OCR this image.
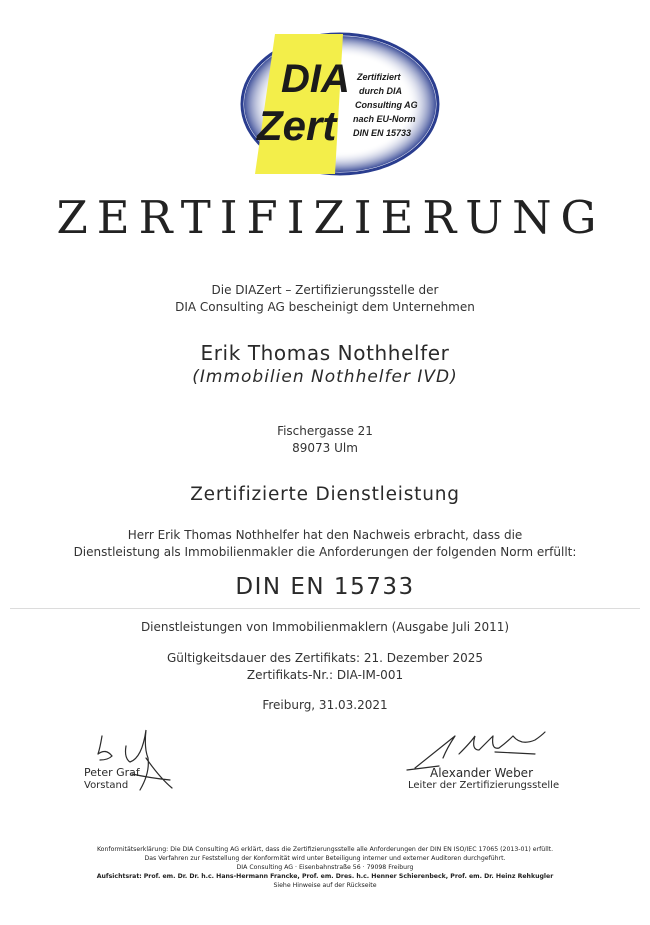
DIA
Zert
Zertifiziert
durch DIA
Consulting AG
nach EU-Norm
DIN EN 15733
ZERTIFIZIERUNG
Die DIAZert – Zertifizierungsstelle der
DIA Consulting AG bescheinigt dem Unternehmen
Erik Thomas Nothhelfer
(Immobilien Nothhelfer IVD)
Fischergasse 21
89073 Ulm
Zertifizierte Dienstleistung
Herr Erik Thomas Nothhelfer hat den Nachweis erbracht, dass die
Dienstleistung als Immobilienmakler die Anforderungen der folgenden Norm erfüllt:
DIN EN 15733
Dienstleistungen von Immobilienmaklern (Ausgabe Juli 2011)
Gültigkeitsdauer des Zertifikats: 21. Dezember 2025
Zertifikats-Nr.: DIA-IM-001
Freiburg, 31.03.2021
Peter Graf
Vorstand
Alexander Weber
Leiter der Zertifizierungsstelle
Konformitätserklärung: Die DIA Consulting AG erklärt, dass die Zertifizierungsstelle alle Anforderungen der DIN EN ISO/IEC 17065 (2013-01) erfüllt.
Das Verfahren zur Feststellung der Konformität wird unter Beteiligung interner und externer Auditoren durchgeführt.
DIA Consulting AG · Eisenbahnstraße 56 · 79098 Freiburg
Aufsichtsrat: Prof. em. Dr. Dr. h.c. Hans-Hermann Francke, Prof. em. Dres. h.c. Henner Schierenbeck, Prof. em. Dr. Heinz Rehkugler
Siehe Hinweise auf der Rückseite
